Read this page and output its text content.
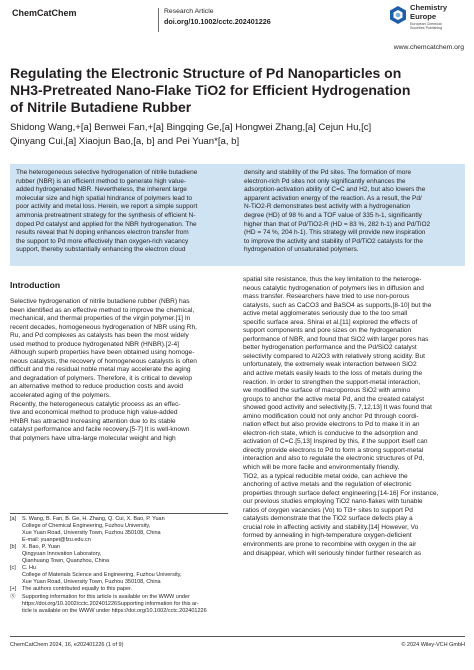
ChemCatChem	Research Article
doi.org/10.1002/cctc.202401226
Chemistry
Europe
European Chemical
Societies Publishing
www.chemcatchem.org
Regulating the Electronic Structure of Pd Nanoparticles on
NH3-Pretreated Nano-Flake TiO2 for Efficient Hydrogenation
of Nitrile Butadiene Rubber
Shidong Wang,+[a] Benwei Fan,+[a] Bingqing Ge,[a] Hongwei Zhang,[a] Cejun Hu,[c]
Qinyang Cui,[a] Xiaojun Bao,[a, b] and Pei Yuan*[a, b]
The heterogeneous selective hydrogenation of nitrile butadiene
rubber (NBR) is an efficient method to generate high value-
added hydrogenated NBR. Nevertheless, the inherent large
molecular size and high spatial hindrance of polymers lead to
poor activity and metal loss. Herein, we report a simple support
ammonia pretreatment strategy for the synthesis of efficient N-
doped Pd catalyst and applied for the NBR hydrogenation. The
results reveal that N doping enhances electron transfer from
the support to Pd more effectively than oxygen-rich vacancy
support, thereby substantially enhancing the electron cloud
density and stability of the Pd sites. The formation of more
electron-rich Pd sites not only significantly enhances the
adsorption-activation ability of C=C and H2, but also lowers the
apparent activation energy of the reaction. As a result, the Pd/
N-TiO2-R demonstrates best activity with a hydrogenation
degree (HD) of 98 % and a TOF value of 335 h-1, significantly
higher than that of Pd/TiO2-R (HD = 83 %, 282 h-1) and Pd/TiO2
(HD = 74 %, 204 h-1). This strategy will provide new inspiration
to improve the activity and stability of Pd/TiO2 catalysts for the
hydrogenation of unsaturated polymers.
Introduction
Selective hydrogenation of nitrile butadiene rubber (NBR) has
been identified as an effective method to improve the chemical,
mechanical, and thermal properties of the virgin polymer.[1] In
recent decades, homogeneous hydrogenation of NBR using Rh,
Ru, and Pd complexes as catalysts has been the most widely
used method to produce hydrogenated NBR (HNBR).[2-4]
Although superb properties have been obtained using homoge-
neous catalysts, the recovery of homogeneous catalysts is often
difficult and the residual noble metal may accelerate the aging
and degradation of polymers. Therefore, it is critical to develop
an alternative method to reduce production costs and avoid
accelerated aging of the polymers.
Recently, the heterogeneous catalytic process as an effec-
tive and economical method to produce high value-added
HNBR has attracted increasing attention due to its stable
catalyst performance and facile recovery.[5-7] It is well-known
that polymers have ultra-large molecular weight and high
spatial site resistance, thus the key limitation to the heteroge-
neous catalytic hydrogenation of polymers lies in diffusion and
mass transfer. Researchers have tried to use non-porous
catalysts, such as CaCO3 and BaSO4 as supports,[8-10] but the
active metal agglomerates seriously due to the too small
specific surface area. Shirai et al.[11] explored the effects of
support components and pore sizes on the hydrogenation
performance of NBR, and found that SiO2 with larger pores has
better hydrogenation performance and the Pd/SiO2 catalyst
selectivity compared to Al2O3 with relatively strong acidity. But
unfortunately, the extremely weak interaction between SiO2
and active metals easily leads to the loss of metals during the
reaction. In order to strengthen the support-metal interaction,
we modified the surface of macroporous SiO2 with amino
groups to anchor the active metal Pd, and the created catalyst
showed good activity and selectivity.[5, 7,12,13] It was found that
amino modification could not only anchor Pd through coordi-
nation effect but also provide electrons to Pd to make it in an
electron-rich state, which is conducive to the adsorption and
activation of C=C.[5,13] Inspired by this, if the support itself can
directly provide electrons to Pd to form a strong support-metal
interaction and also to regulate the electronic structures of Pd,
which will be more facile and environmentally friendly.
TiO2, as a typical reducible metal oxide, can achieve the
anchoring of active metals and the regulation of electronic
properties through surface defect engineering.[14-16] For instance,
our previous studies employing TiO2 nano-flakes with tunable
ratios of oxygen vacancies (Vo) to Ti3+ sites to support Pd
catalysts demonstrate that the TiO2 surface defects play a
crucial role in affecting activity and stability.[14] However, Vo
formed by annealing in high-temperature oxygen-deficient
environments are prone to recombine with oxygen in the air
and disappear, which will seriously hinder further research as
[a] S. Wang, B. Fan, B. Ge, H. Zhang, Q. Cui, X. Bao, P. Yuan
College of Chemical Engineering, Fuzhou University,
Xue Yuan Road, University Town, Fuzhou 350108, China
E-mail: yuanpei@fzu.edu.cn
[b] X. Bao, P. Yuan
Qingyuan Innovation Laboratory,
Qianhuang Town, Quanzhou, China
[c] C. Hu
College of Materials Science and Engineering, Fuzhou University,
Xue Yuan Road, University Town, Fuzhou 350108, China
[+] The authors contributed equally to this paper.
Ⓢ Supporting information for this article is available on the WWW under
https://doi.org/10.1002/cctc.202401226Supporting information for this ar-
ticle is available on the WWW under https://doi.org/10.1002/cctc.202401226
ChemCatChem 2024, 16, e202401226 (1 of 9)	© 2024 Wiley-VCH GmbH
